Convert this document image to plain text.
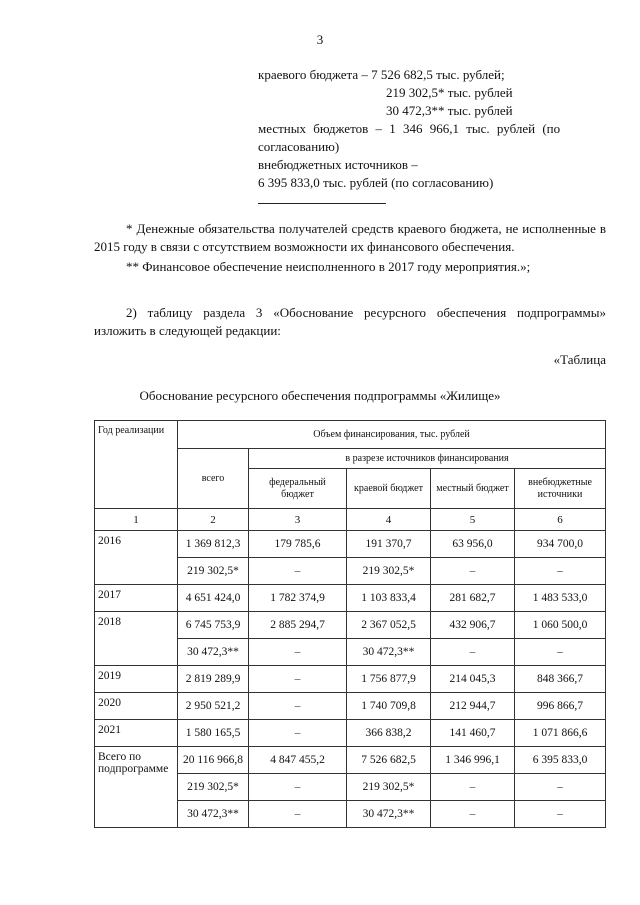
3
краевого бюджета – 7 526 682,5 тыс. рублей;
219 302,5* тыс. рублей
30 472,3** тыс. рублей
местных бюджетов – 1 346 966,1 тыс. рублей (по
согласованию)
внебюджетных источников –
6 395 833,0 тыс. рублей (по согласованию)

* Денежные обязательства получателей средств краевого бюджета, не исполненные в 2015 году в связи с отсутствием возможности их финансового обеспечения.

** Финансовое обеспечение неисполненного в 2017 году мероприятия.»;

2) таблицу раздела 3 «Обоснование ресурсного обеспечения подпрограммы» изложить в следующей редакции:
«Таблица
Обоснование ресурсного обеспечения подпрограммы «Жилище»
Год реализации	Объем финансирования, тыс. рублей				
	всего	в разрезе источников финансирования			
		федеральный бюджет	краевой бюджет	местный бюджет	внебюджетные источники
1	2	3	4	5	6
2016	1 369 812,3	179 785,6	191 370,7	63 956,0	934 700,0
	219 302,5*	–	219 302,5*	–	–
2017	4 651 424,0	1 782 374,9	1 103 833,4	281 682,7	1 483 533,0
2018	6 745 753,9	2 885 294,7	2 367 052,5	432 906,7	1 060 500,0
	30 472,3**	–	30 472,3**	–	–
2019	2 819 289,9	–	1 756 877,9	214 045,3	848 366,7
2020	2 950 521,2	–	1 740 709,8	212 944,7	996 866,7
2021	1 580 165,5	–	366 838,2	141 460,7	1 071 866,6
Всего по подпрограмме	20 116 966,8	4 847 455,2	7 526 682,5	1 346 996,1	6 395 833,0
	219 302,5*	–	219 302,5*	–	–
	30 472,3**	–	30 472,3**	–	–
